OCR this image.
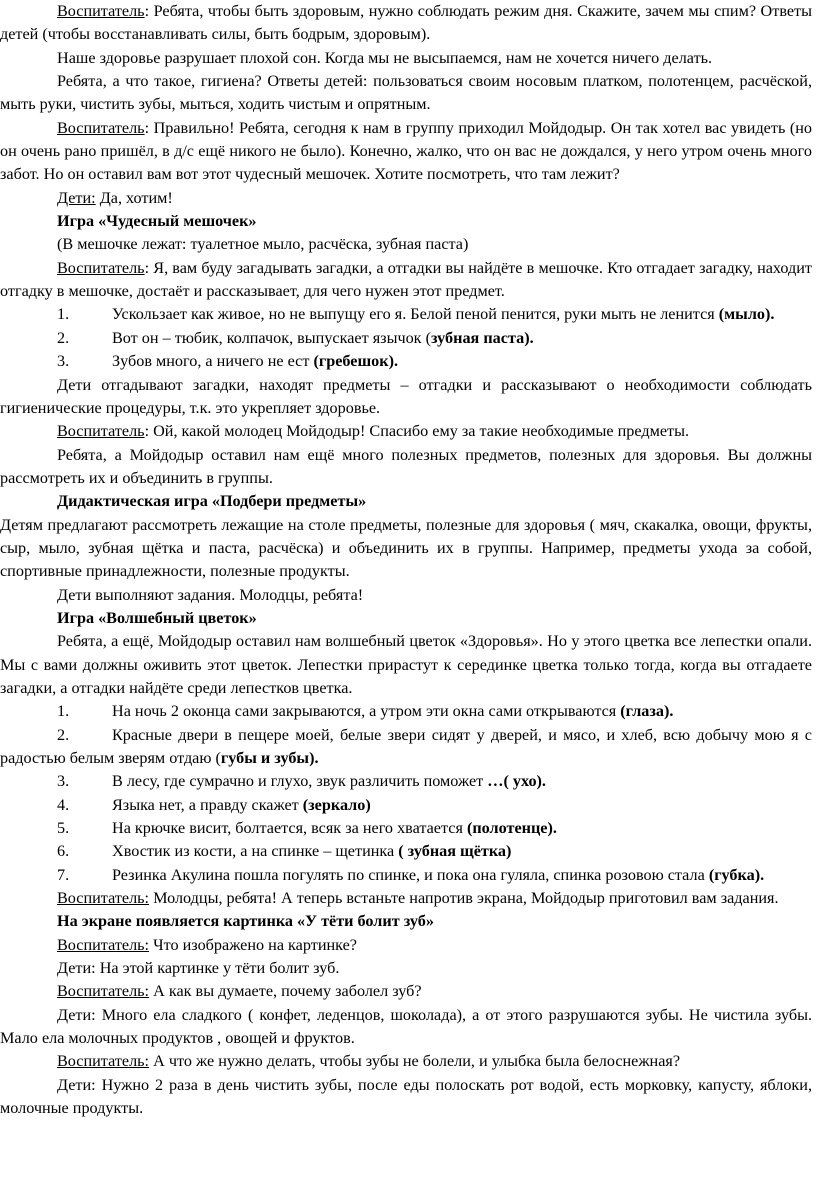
Воспитатель: Ребята, чтобы быть здоровым, нужно соблюдать режим дня. Скажите, зачем мы спим? Ответы детей (чтобы восстанавливать силы, быть бодрым, здоровым).

Наше здоровье разрушает плохой сон. Когда мы не высыпаемся, нам не хочется ничего делать.

Ребята, а что такое, гигиена? Ответы детей: пользоваться своим носовым платком, полотенцем, расчёской, мыть руки, чистить зубы, мыться, ходить чистым и опрятным.

Воспитатель: Правильно! Ребята, сегодня к нам в группу приходил Мойдодыр. Он так хотел вас увидеть (но он очень рано пришёл, в д/с ещё никого не было). Конечно, жалко, что он вас не дождался, у него утром очень много забот. Но он оставил вам вот этот чудесный мешочек. Хотите посмотреть, что там лежит?

Дети: Да, хотим!

Игра «Чудесный мешочек»

(В мешочке лежат: туалетное мыло, расчёска, зубная паста)

Воспитатель: Я, вам буду загадывать загадки, а отгадки вы найдёте в мешочке. Кто отгадает загадку, находит отгадку в мешочке, достаёт и рассказывает, для чего нужен этот предмет.

1.	Ускользает как живое, но не выпущу его я. Белой пеной пенится, руки мыть не ленится (мыло).

2.	Вот он – тюбик, колпачок, выпускает язычок (зубная паста).

3.	Зубов много, а ничего не ест (гребешок).

Дети отгадывают загадки, находят предметы – отгадки и рассказывают о необходимости соблюдать гигиенические процедуры, т.к. это укрепляет здоровье.

Воспитатель: Ой, какой молодец Мойдодыр! Спасибо ему за такие необходимые предметы.

Ребята, а Мойдодыр оставил нам ещё много полезных предметов, полезных для здоровья. Вы должны рассмотреть их и объединить в группы.

Дидактическая игра «Подбери предметы»

Детям предлагают рассмотреть лежащие на столе предметы, полезные для здоровья ( мяч, скакалка, овощи, фрукты, сыр, мыло, зубная щётка и паста, расчёска) и объединить их в группы. Например, предметы ухода за собой, спортивные принадлежности, полезные продукты.

Дети выполняют задания. Молодцы, ребята!

Игра «Волшебный цветок»

Ребята, а ещё, Мойдодыр оставил нам волшебный цветок «Здоровья». Но у этого цветка все лепестки опали. Мы с вами должны оживить этот цветок. Лепестки прирастут к серединке цветка только тогда, когда вы отгадаете загадки, а отгадки найдёте среди лепестков цветка.

1.	На ночь 2 оконца сами закрываются, а утром эти окна сами открываются (глаза).

2.	Красные двери в пещере моей, белые звери сидят у дверей, и мясо, и хлеб, всю добычу мою я с радостью белым зверям отдаю (губы и зубы).

3.	В лесу, где сумрачно и глухо, звук различить поможет …( ухо).

4.	Языка нет, а правду скажет (зеркало)

5.	На крючке висит, болтается, всяк за него хватается (полотенце).

6.	Хвостик из кости, а на спинке – щетинка ( зубная щётка)

7.	Резинка Акулина пошла погулять по спинке, и пока она гуляла, спинка розовою стала (губка).

Воспитатель: Молодцы, ребята! А теперь встаньте напротив экрана, Мойдодыр приготовил вам задания.

На экране появляется картинка «У тёти болит зуб»

Воспитатель: Что изображено на картинке?

Дети: На этой картинке у тёти болит зуб.

Воспитатель: А как вы думаете, почему заболел зуб?

Дети: Много ела сладкого ( конфет, леденцов, шоколада), а от этого разрушаются зубы. Не чистила зубы. Мало ела молочных продуктов , овощей и фруктов.

Воспитатель: А что же нужно делать, чтобы зубы не болели, и улыбка была белоснежная?

Дети: Нужно 2 раза в день чистить зубы, после еды полоскать рот водой, есть морковку, капусту, яблоки, молочные продукты.
